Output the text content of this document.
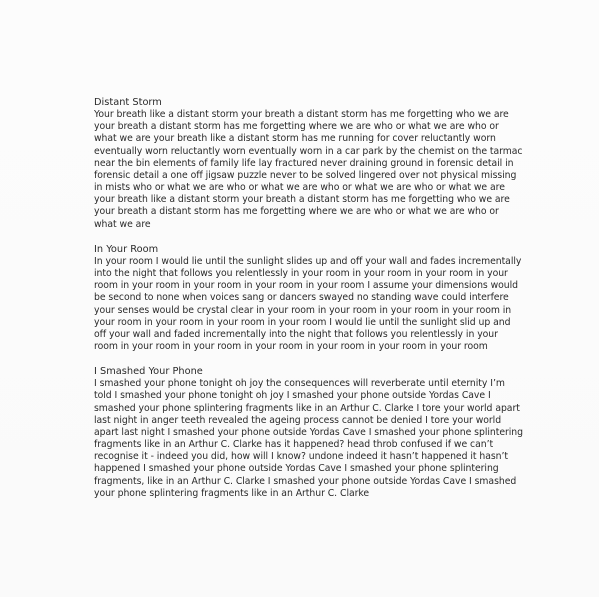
Distant Storm
Your breath like a distant storm your breath a distant storm has me forgetting who we are your breath a distant storm has me forgetting where we are who or what we are who or what we are your breath like a distant storm has me running for cover reluctantly worn eventually worn reluctantly worn eventually worn in a car park by the chemist on the tarmac near the bin elements of family life lay fractured never draining ground in forensic detail in forensic detail a one off jigsaw puzzle never to be solved lingered over not physical missing in mists who or what we are who or what we are who or what we are who or what we are your breath like a distant storm your breath a distant storm has me forgetting who we are your breath a distant storm has me forgetting where we are who or what we are who or what we are
In Your Room
In your room I would lie until the sunlight slides up and off your wall and fades incrementally into the night that follows you relentlessly in your room in your room in your room in your room in your room in your room in your room in your room I assume your dimensions would be second to none when voices sang or dancers swayed no standing wave could interfere your senses would be crystal clear in your room in your room in your room in your room in your room in your room in your room in your room I would lie until the sunlight slid up and off your wall and faded incrementally into the night that follows you relentlessly in your room in your room in your room in your room in your room in your room in your room
I Smashed Your Phone
I smashed your phone tonight oh joy the consequences will reverberate until eternity I’m told I smashed your phone tonight oh joy I smashed your phone outside Yordas Cave I smashed your phone splintering fragments like in an Arthur C. Clarke I tore your world apart last night in anger teeth revealed the ageing process cannot be denied I tore your world apart last night I smashed your phone outside Yordas Cave I smashed your phone splintering fragments like in an Arthur C. Clarke has it happened? head throb confused if we can’t recognise it - indeed you did, how will I know? undone indeed it hasn’t happened it hasn’t happened I smashed your phone outside Yordas Cave I smashed your phone splintering fragments, like in an Arthur C. Clarke I smashed your phone outside Yordas Cave I smashed your phone splintering fragments like in an Arthur C. Clarke
